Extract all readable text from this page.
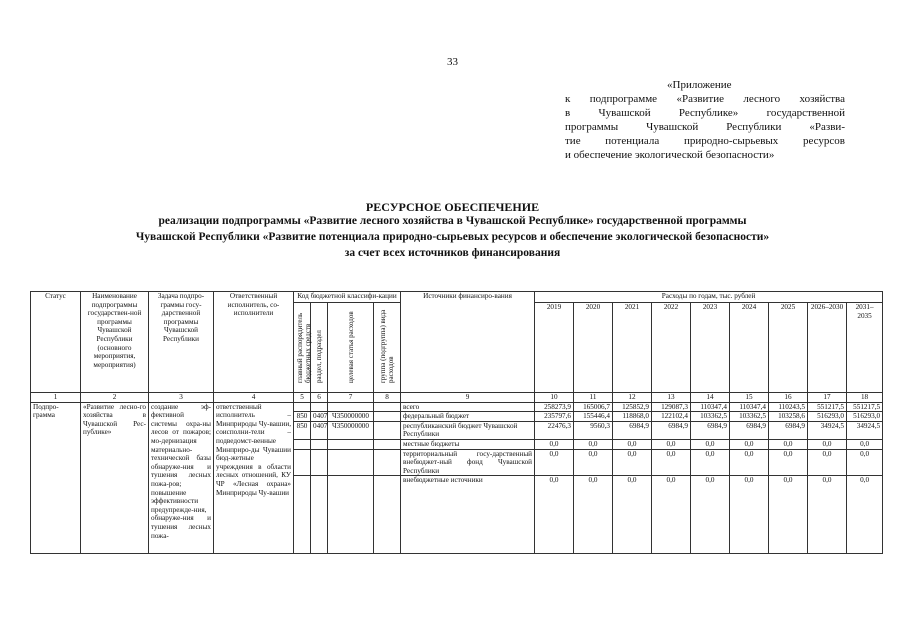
33
«Приложение
к подпрограмме «Развитие лесного хозяйства
в Чувашской Республике» государственной
программы Чувашской Республики «Разви-
тие потенциала природно-сырьевых ресурсов
и обеспечение экологической безопасности»
РЕСУРСНОЕ ОБЕСПЕЧЕНИЕ
реализации подпрограммы «Развитие лесного хозяйства в Чувашской Республике» государственной программы
Чувашской Республики «Развитие потенциала природно-сырьевых ресурсов и обеспечение экологической безопасности»
за счет всех источников финансирования
Статус	Наименование подпрограммы государствен-ной программы Чувашской Республики (основного мероприятия, мероприятия)	Задача подпро-граммы госу-дарственной программы Чувашской Республики	Ответственный исполнитель, со-исполнители	Код бюджетной классифи-кации				Источники финансиро-вания	Расходы по годам, тыс. рублей								
				главный распорядитель бюджетных средств	раздел, подраздел	целевая статья расходов	группа (подгруппа) вида расходов		2019	2020	2021	2022	2023	2024	2025	2026–2030	2031–2035
1	2	3	4	5	6	7	8	9	10	11	12	13	14	15	16	17	18
Подпро-грамма	«Развитие лесно-го хозяйства в Чувашской Рес-публике»	создание эф-фективной системы охра-ны лесов от пожаров; мо-дернизация материально-технической базы обнаруже-ния и тушения лесных пожа-ров; повышение эффективности предупрежде-ния, обнаруже-ния и тушения лесных пожа-	ответственный исполнитель – Минприроды Чу-вашии, соисполни-тели – подведомст-венные Минприро-ды Чувашии бюд-жетные учреждения в области лесных отношений, КУ ЧР «Лесная охрана» Минприроды Чу-вашии					всего	258273,9	165006,7	125852,9	129087,3	110347,4	110347,4	110243,5	551217,5	551217,5
				850	0407	Ч350000000		федеральный бюджет	235797,6	155446,4	118868,0	122102,4	103362,5	103362,5	103258,6	516293,0	516293,0
				850	0407	Ч350000000		республиканский бюджет Чувашской Республики	22476,3	9560,3	6984,9	6984,9	6984,9	6984,9	6984,9	34924,5	34924,5
								местные бюджеты	0,0	0,0	0,0	0,0	0,0	0,0	0,0	0,0	0,0
								территориальный госу-дарственный внебюджет-ный фонд Чувашской Республики	0,0	0,0	0,0	0,0	0,0	0,0	0,0	0,0	0,0
								внебюджетные источники	0,0	0,0	0,0	0,0	0,0	0,0	0,0	0,0	0,0
